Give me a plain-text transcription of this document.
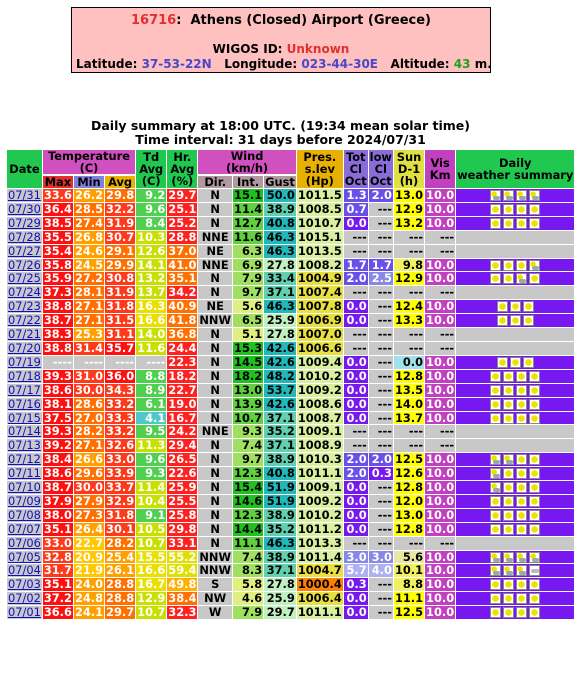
16716:  Athens (Closed) Airport (Greece)
WIGOS ID: Unknown
Latitude: 37-53-22N Longitude: 023-44-30E Altitude: 43 m.
Daily summary at 18:00 UTC. (19:34 mean solar time)
Time interval: 31 days before 2024/07/31
Date	Temperature
(C)			Td
Avg
(C)	Hr.
Avg
(%)	Wind
(km/h)			Pres.
s.lev
(Hp)	Tot
Cl
Oct	low
Cl
Oct	Sun
D-1
(h)	Vis
Km	Daily
weather summary

	Max	Min	Avg			Dir.	Int.	Gust						
07/31	33.6	26.2	29.8	9.2	29.7	N	15.1	50.0	1011.5	1.3	2.0	13.0	10.0	
07/30	36.4	28.5	32.2	9.6	25.1	N	11.4	38.9	1008.5	0.7	---	12.9	10.0	
07/29	38.5	27.4	31.9	8.4	25.2	N	12.7	40.8	1010.7	0.0	---	13.2	10.0	
07/28	35.5	26.8	30.7	10.3	28.8	NNE	11.6	46.3	1015.1	---	---	---	---	
07/27	35.4	24.6	29.1	12.6	37.0	NE	6.3	46.3	1013.5	---	---	---	---	
07/26	35.8	24.5	29.9	14.1	41.0	NNE	6.9	27.8	1008.2	1.7	1.7	9.8	10.0	
07/25	35.9	27.2	30.8	13.2	35.1	N	7.9	33.4	1004.9	2.0	2.5	12.9	10.0	
07/24	37.3	28.1	31.9	13.7	34.2	N	9.7	37.1	1007.4	---	---	---	---	
07/23	38.8	27.1	31.8	16.3	40.9	NE	5.6	46.3	1007.8	0.0	---	12.4	10.0	
07/22	38.7	27.1	31.5	16.6	41.8	NNW	6.5	25.9	1006.9	0.0	---	13.3	10.0	
07/21	38.3	25.3	31.1	14.0	36.8	N	5.1	27.8	1007.0	---	---	---	---	
07/20	38.8	31.4	35.7	11.6	24.4	N	15.3	42.6	1006.6	---	---	---	---	
07/19	----	----	----	----	22.3	N	14.5	42.6	1009.4	0.0	---	0.0	10.0	
07/18	39.3	31.0	36.0	8.8	18.2	N	18.2	48.2	1010.2	0.0	---	12.8	10.0	
07/17	38.6	30.0	34.3	8.9	22.7	N	13.0	53.7	1009.2	0.0	---	13.5	10.0	
07/16	38.1	28.6	33.2	6.1	19.0	N	13.9	42.6	1008.6	0.0	---	14.0	10.0	
07/15	37.5	27.0	33.3	4.1	16.7	N	10.7	37.1	1008.7	0.0	---	13.7	10.0	
07/14	39.3	28.2	33.2	9.5	24.2	NNE	9.3	35.2	1009.1	---	---	---	---	
07/13	39.2	27.1	32.6	11.3	29.4	N	7.4	37.1	1008.9	---	---	---	---	
07/12	38.4	26.6	33.0	9.6	26.5	N	9.7	38.9	1010.3	2.0	2.0	12.5	10.0	
07/11	38.6	29.6	33.9	9.3	22.6	N	12.3	40.8	1011.1	2.0	0.3	12.6	10.0	
07/10	38.7	30.0	33.7	11.4	25.9	N	15.4	51.9	1009.1	0.0	---	12.8	10.0	
07/09	37.9	27.9	32.9	10.4	25.5	N	14.6	51.9	1009.2	0.0	---	12.0	10.0	
07/08	38.0	27.3	31.8	9.1	25.8	N	12.3	38.9	1010.2	0.0	---	13.0	10.0	
07/07	35.1	26.4	30.1	10.5	29.8	N	14.4	35.2	1011.2	0.0	---	12.8	10.0	
07/06	33.0	22.7	28.2	10.7	33.1	N	11.1	46.3	1013.3	---	---	---	---	
07/05	32.8	20.9	25.4	15.5	55.2	NNW	7.4	38.9	1011.4	3.0	3.0	5.6	10.0	
07/04	31.7	21.9	26.1	16.6	59.4	NNW	8.3	37.1	1004.7	5.7	4.0	10.1	10.0	
07/03	35.1	24.0	28.8	16.7	49.8	S	5.8	27.8	1000.4	0.3	---	8.8	10.0	
07/02	37.2	24.8	28.8	12.9	38.4	NW	4.6	25.9	1006.4	0.0	---	11.1	10.0	
07/01	36.6	24.1	29.7	10.7	32.3	W	7.9	29.7	1011.1	0.0	---	12.5	10.0	
